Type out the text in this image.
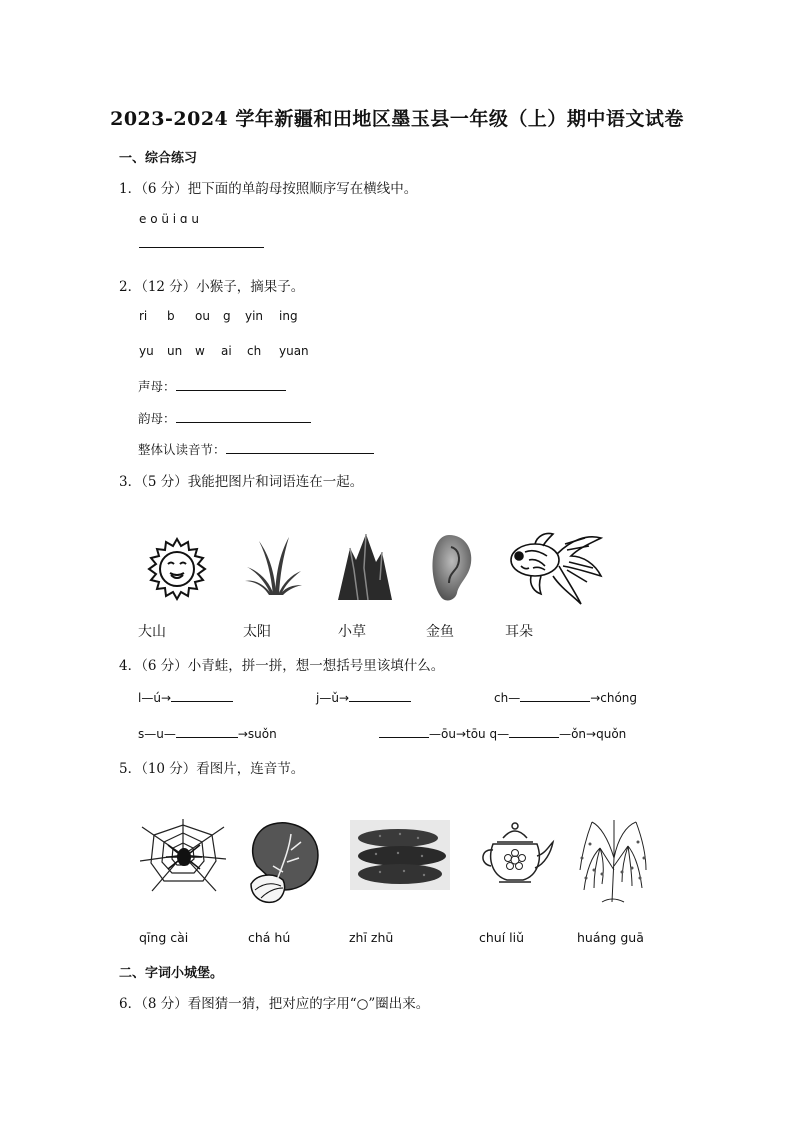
2023-2024 学年新疆和田地区墨玉县一年级（上）期中语文试卷
一、综合练习
1．（6 分）把下面的单韵母按照顺序写在横线中。
e o ü i ɑ u
2．（12 分）小猴子，摘果子。
ri b ou g yin ing
yu un w ai ch yuan
声母：
韵母：
整体认读音节：
3．（5 分）我能把图片和词语连在一起。
大山	太阳	小草	金鱼	耳朵
4．（6 分）小青蛙，拼一拼，想一想括号里该填什么。
l—ú→	j—ǔ→	ch—	→chónɡ
s—u—	→suǒn	—ōu→tōu q—	—ǒn→quǒn
5．（10 分）看图片，连音节。
qīng cài	chá hú	zhī zhū	chuí liǔ	huáng guā
二、字词小城堡。
6．（8 分）看图猜一猜，把对应的字用“○”圈出来。
